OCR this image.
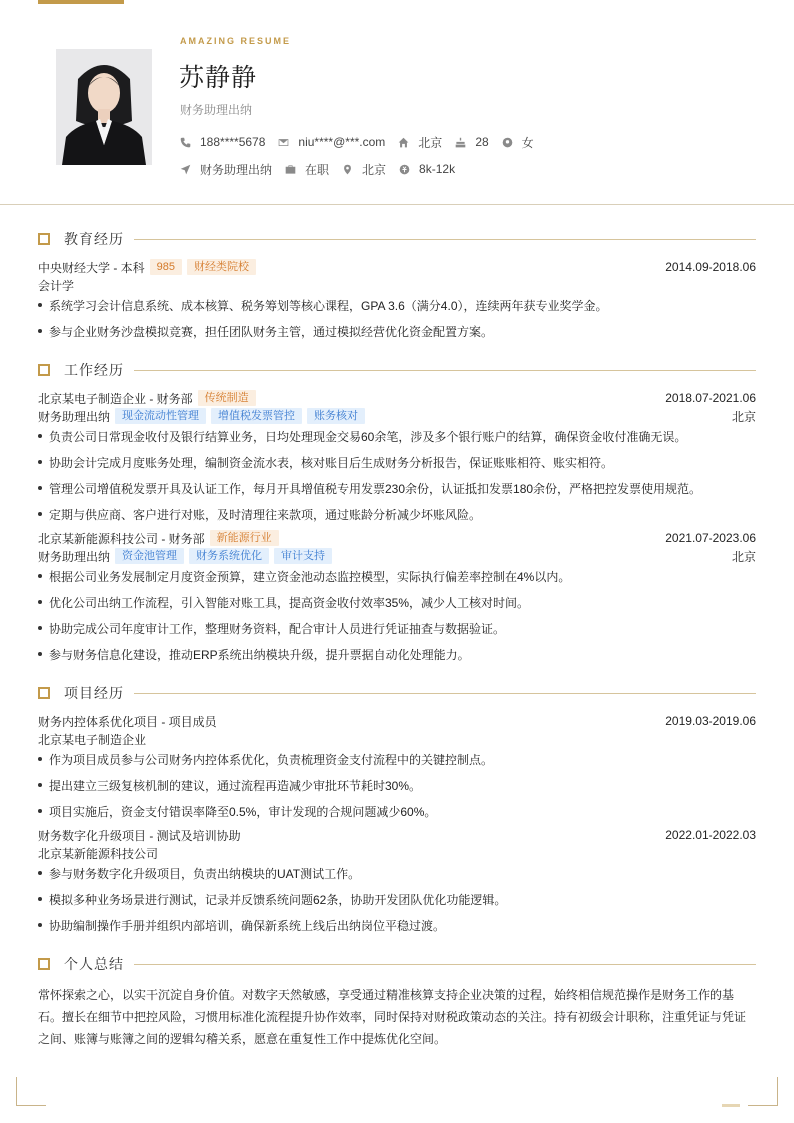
AMAZING RESUME
苏静静
财务助理出纳
188****5678	niu****@***.com	北京	28	女
财务助理出纳	在职	北京	8k-12k
教育经历
中央财经大学 - 本科	985	财经类院校	2014.09-2018.06
会计学
系统学习会计信息系统、成本核算、税务筹划等核心课程，GPA 3.6（满分4.0），连续两年获专业奖学金。
参与企业财务沙盘模拟竞赛，担任团队财务主管，通过模拟经营优化资金配置方案。
工作经历
北京某电子制造企业 - 财务部	传统制造	2018.07-2021.06
财务助理出纳	现金流动性管理	增值税发票管控	账务核对	北京
负责公司日常现金收付及银行结算业务，日均处理现金交易60余笔，涉及多个银行账户的结算，确保资金收付准确无误。
协助会计完成月度账务处理，编制资金流水表，核对账目后生成财务分析报告，保证账账相符、账实相符。
管理公司增值税发票开具及认证工作，每月开具增值税专用发票230余份，认证抵扣发票180余份，严格把控发票使用规范。
定期与供应商、客户进行对账，及时清理往来款项，通过账龄分析减少坏账风险。
北京某新能源科技公司 - 财务部	新能源行业	2021.07-2023.06
财务助理出纳	资金池管理	财务系统优化	审计支持	北京
根据公司业务发展制定月度资金预算，建立资金池动态监控模型，实际执行偏差率控制在4%以内。
优化公司出纳工作流程，引入智能对账工具，提高资金收付效率35%，减少人工核对时间。
协助完成公司年度审计工作，整理财务资料，配合审计人员进行凭证抽查与数据验证。
参与财务信息化建设，推动ERP系统出纳模块升级，提升票据自动化处理能力。
项目经历
财务内控体系优化项目 - 项目成员	2019.03-2019.06
北京某电子制造企业
作为项目成员参与公司财务内控体系优化，负责梳理资金支付流程中的关键控制点。
提出建立三级复核机制的建议，通过流程再造减少审批环节耗时30%。
项目实施后，资金支付错误率降至0.5%，审计发现的合规问题减少60%。
财务数字化升级项目 - 测试及培训协助	2022.01-2022.03
北京某新能源科技公司
参与财务数字化升级项目，负责出纳模块的UAT测试工作。
模拟多种业务场景进行测试，记录并反馈系统问题62条，协助开发团队优化功能逻辑。
协助编制操作手册并组织内部培训，确保新系统上线后出纳岗位平稳过渡。
个人总结
常怀探索之心，以实干沉淀自身价值。对数字天然敏感，享受通过精准核算支持企业决策的过程，始终相信规范操作是财务工作的基
石。擅长在细节中把控风险，习惯用标准化流程提升协作效率，同时保持对财税政策动态的关注。持有初级会计职称，注重凭证与凭证
之间、账簿与账簿之间的逻辑勾稽关系，愿意在重复性工作中提炼优化空间。
